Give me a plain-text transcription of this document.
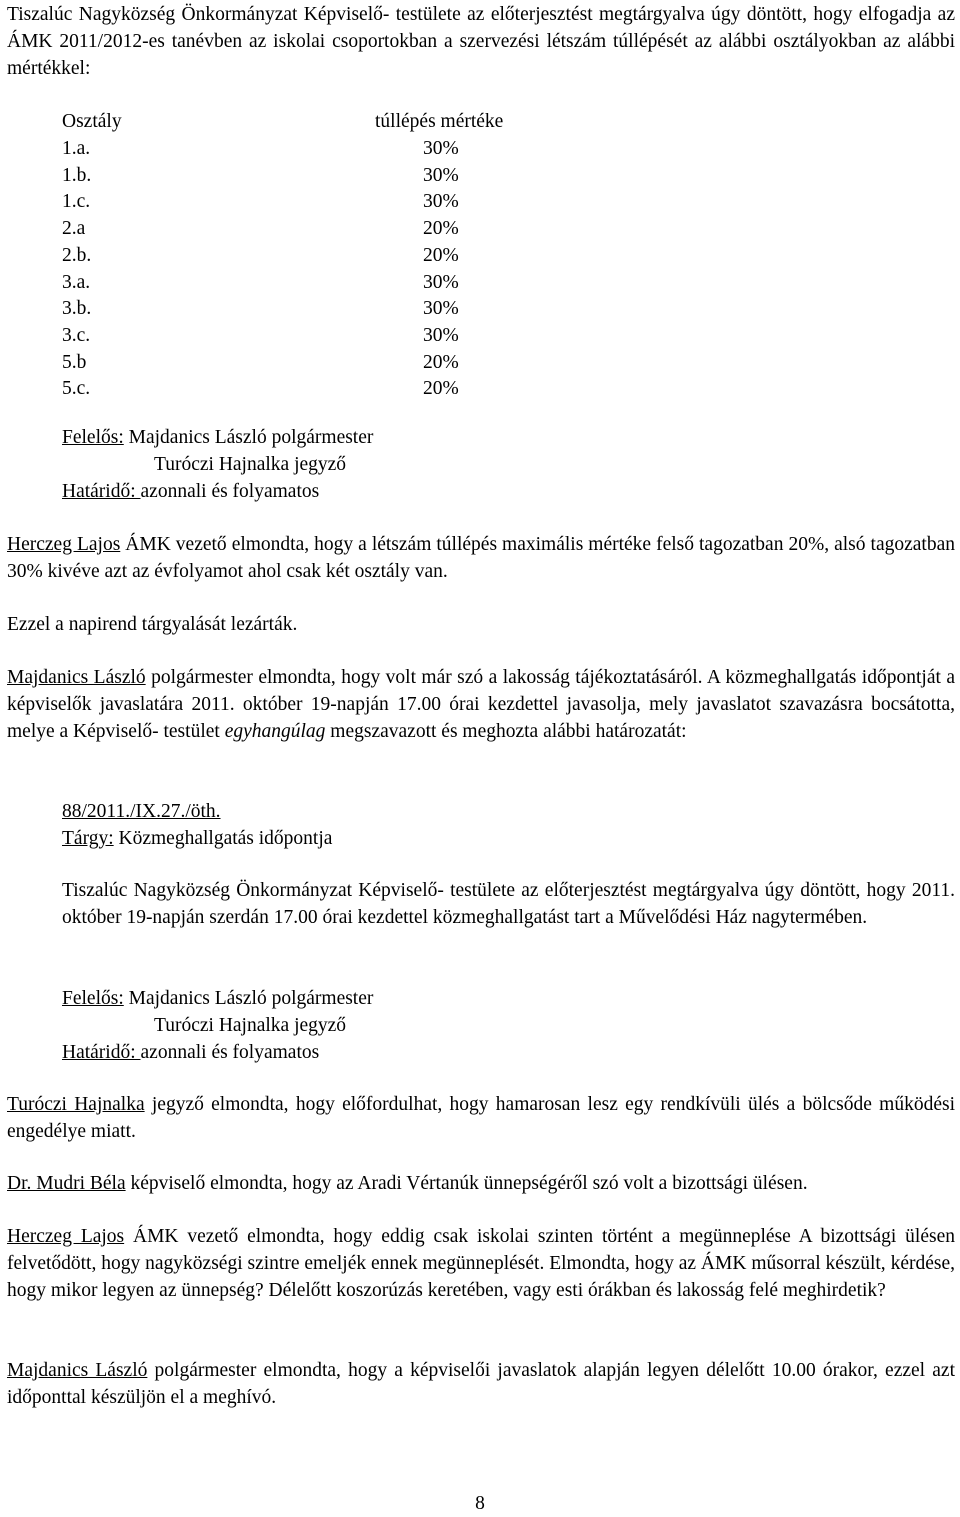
Tiszalúc Nagyközség Önkormányzat Képviselő- testülete az előterjesztést megtárgyalva úgy döntött, hogy elfogadja az ÁMK 2011/2012-es tanévben az iskolai csoportokban a szervezési létszám túllépését az alábbi osztályokban az alábbi mértékkel:

Osztály	túllépés mértéke
1.a.	30%
1.b.	30%
1.c.	30%
2.a	20%
2.b.	20%
3.a.	30%
3.b.	30%
3.c.	30%
5.b	20%
5.c.	20%
Felelős: Majdanics László polgármester
Turóczi Hajnalka jegyző
Határidő: azonnali és folyamatos

Herczeg Lajos ÁMK vezető elmondta, hogy a létszám túllépés maximális mértéke felső tagozatban 20%, alsó tagozatban 30% kivéve azt az évfolyamot ahol csak két osztály van.

Ezzel a napirend tárgyalását lezárták.

Majdanics László polgármester elmondta, hogy volt már szó a lakosság tájékoztatásáról. A közmeghallgatás időpontját a képviselők javaslatára 2011. október 19-napján 17.00 órai kezdettel javasolja, mely javaslatot szavazásra bocsátotta, melye a Képviselő- testület egyhangúlag megszavazott és meghozta alábbi határozatát:

88/2011./IX.27./öth.
Tárgy: Közmeghallgatás időpontja

Tiszalúc Nagyközség Önkormányzat Képviselő- testülete az előterjesztést megtárgyalva úgy döntött, hogy 2011. október 19-napján szerdán 17.00 órai kezdettel közmeghallgatást tart a Művelődési Ház nagytermében.

Felelős: Majdanics László polgármester
Turóczi Hajnalka jegyző
Határidő: azonnali és folyamatos

Turóczi Hajnalka jegyző elmondta, hogy előfordulhat, hogy hamarosan lesz egy rendkívüli ülés a bölcsőde működési engedélye miatt.

Dr. Mudri Béla képviselő elmondta, hogy az Aradi Vértanúk ünnepségéről szó volt a bizottsági ülésen.

Herczeg Lajos ÁMK vezető elmondta, hogy eddig csak iskolai szinten történt a megünneplése A bizottsági ülésen felvetődött, hogy nagyközségi szintre emeljék ennek megünneplését. Elmondta, hogy az ÁMK műsorral készült, kérdése, hogy mikor legyen az ünnepség? Délelőtt koszorúzás keretében, vagy esti órákban és lakosság felé meghirdetik?

Majdanics László polgármester elmondta, hogy a képviselői javaslatok alapján legyen délelőtt 10.00 órakor, ezzel azt időponttal készüljön el a meghívó.

8
